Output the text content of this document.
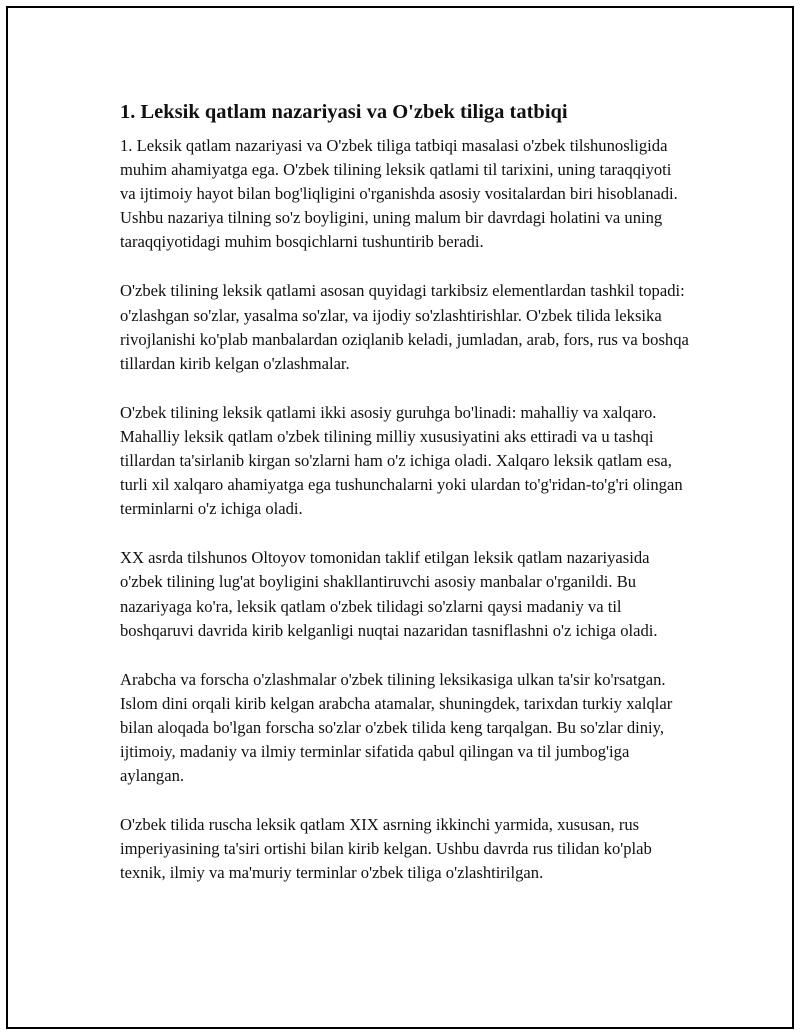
1. Leksik qatlam nazariyasi va O'zbek tiliga tatbiqi

1. Leksik qatlam nazariyasi va O'zbek tiliga tatbiqi masalasi o'zbek tilshunosligida muhim ahamiyatga ega. O'zbek tilining leksik qatlami til tarixini, uning taraqqiyoti va ijtimoiy hayot bilan bog'liqligini o'rganishda asosiy vositalardan biri hisoblanadi. Ushbu nazariya tilning so'z boyligini, uning malum bir davrdagi holatini va uning taraqqiyotidagi muhim bosqichlarni tushuntirib beradi.

O'zbek tilining leksik qatlami asosan quyidagi tarkibsiz elementlardan tashkil topadi: o'zlashgan so'zlar, yasalma so'zlar, va ijodiy so'zlashtirishlar. O'zbek tilida leksika rivojlanishi ko'plab manbalardan oziqlanib keladi, jumladan, arab, fors, rus va boshqa tillardan kirib kelgan o'zlashmalar.

O'zbek tilining leksik qatlami ikki asosiy guruhga bo'linadi: mahalliy va xalqaro. Mahalliy leksik qatlam o'zbek tilining milliy xususiyatini aks ettiradi va u tashqi tillardan ta'sirlanib kirgan so'zlarni ham o'z ichiga oladi. Xalqaro leksik qatlam esa, turli xil xalqaro ahamiyatga ega tushunchalarni yoki ulardan to'g'ridan-to'g'ri olingan terminlarni o'z ichiga oladi.

XX asrda tilshunos Oltoyov tomonidan taklif etilgan leksik qatlam nazariyasida o'zbek tilining lug'at boyligini shakllantiruvchi asosiy manbalar o'rganildi. Bu nazariyaga ko'ra, leksik qatlam o'zbek tilidagi so'zlarni qaysi madaniy va til boshqaruvi davrida kirib kelganligi nuqtai nazaridan tasniflashni o'z ichiga oladi.

Arabcha va forscha o'zlashmalar o'zbek tilining leksikasiga ulkan ta'sir ko'rsatgan. Islom dini orqali kirib kelgan arabcha atamalar, shuningdek, tarixdan turkiy xalqlar bilan aloqada bo'lgan forscha so'zlar o'zbek tilida keng tarqalgan. Bu so'zlar diniy, ijtimoiy, madaniy va ilmiy terminlar sifatida qabul qilingan va til jumbog'iga aylangan.

O'zbek tilida ruscha leksik qatlam XIX asrning ikkinchi yarmida, xususan, rus imperiyasining ta'siri ortishi bilan kirib kelgan. Ushbu davrda rus tilidan ko'plab texnik, ilmiy va ma'muriy terminlar o'zbek tiliga o'zlashtirilgan.
